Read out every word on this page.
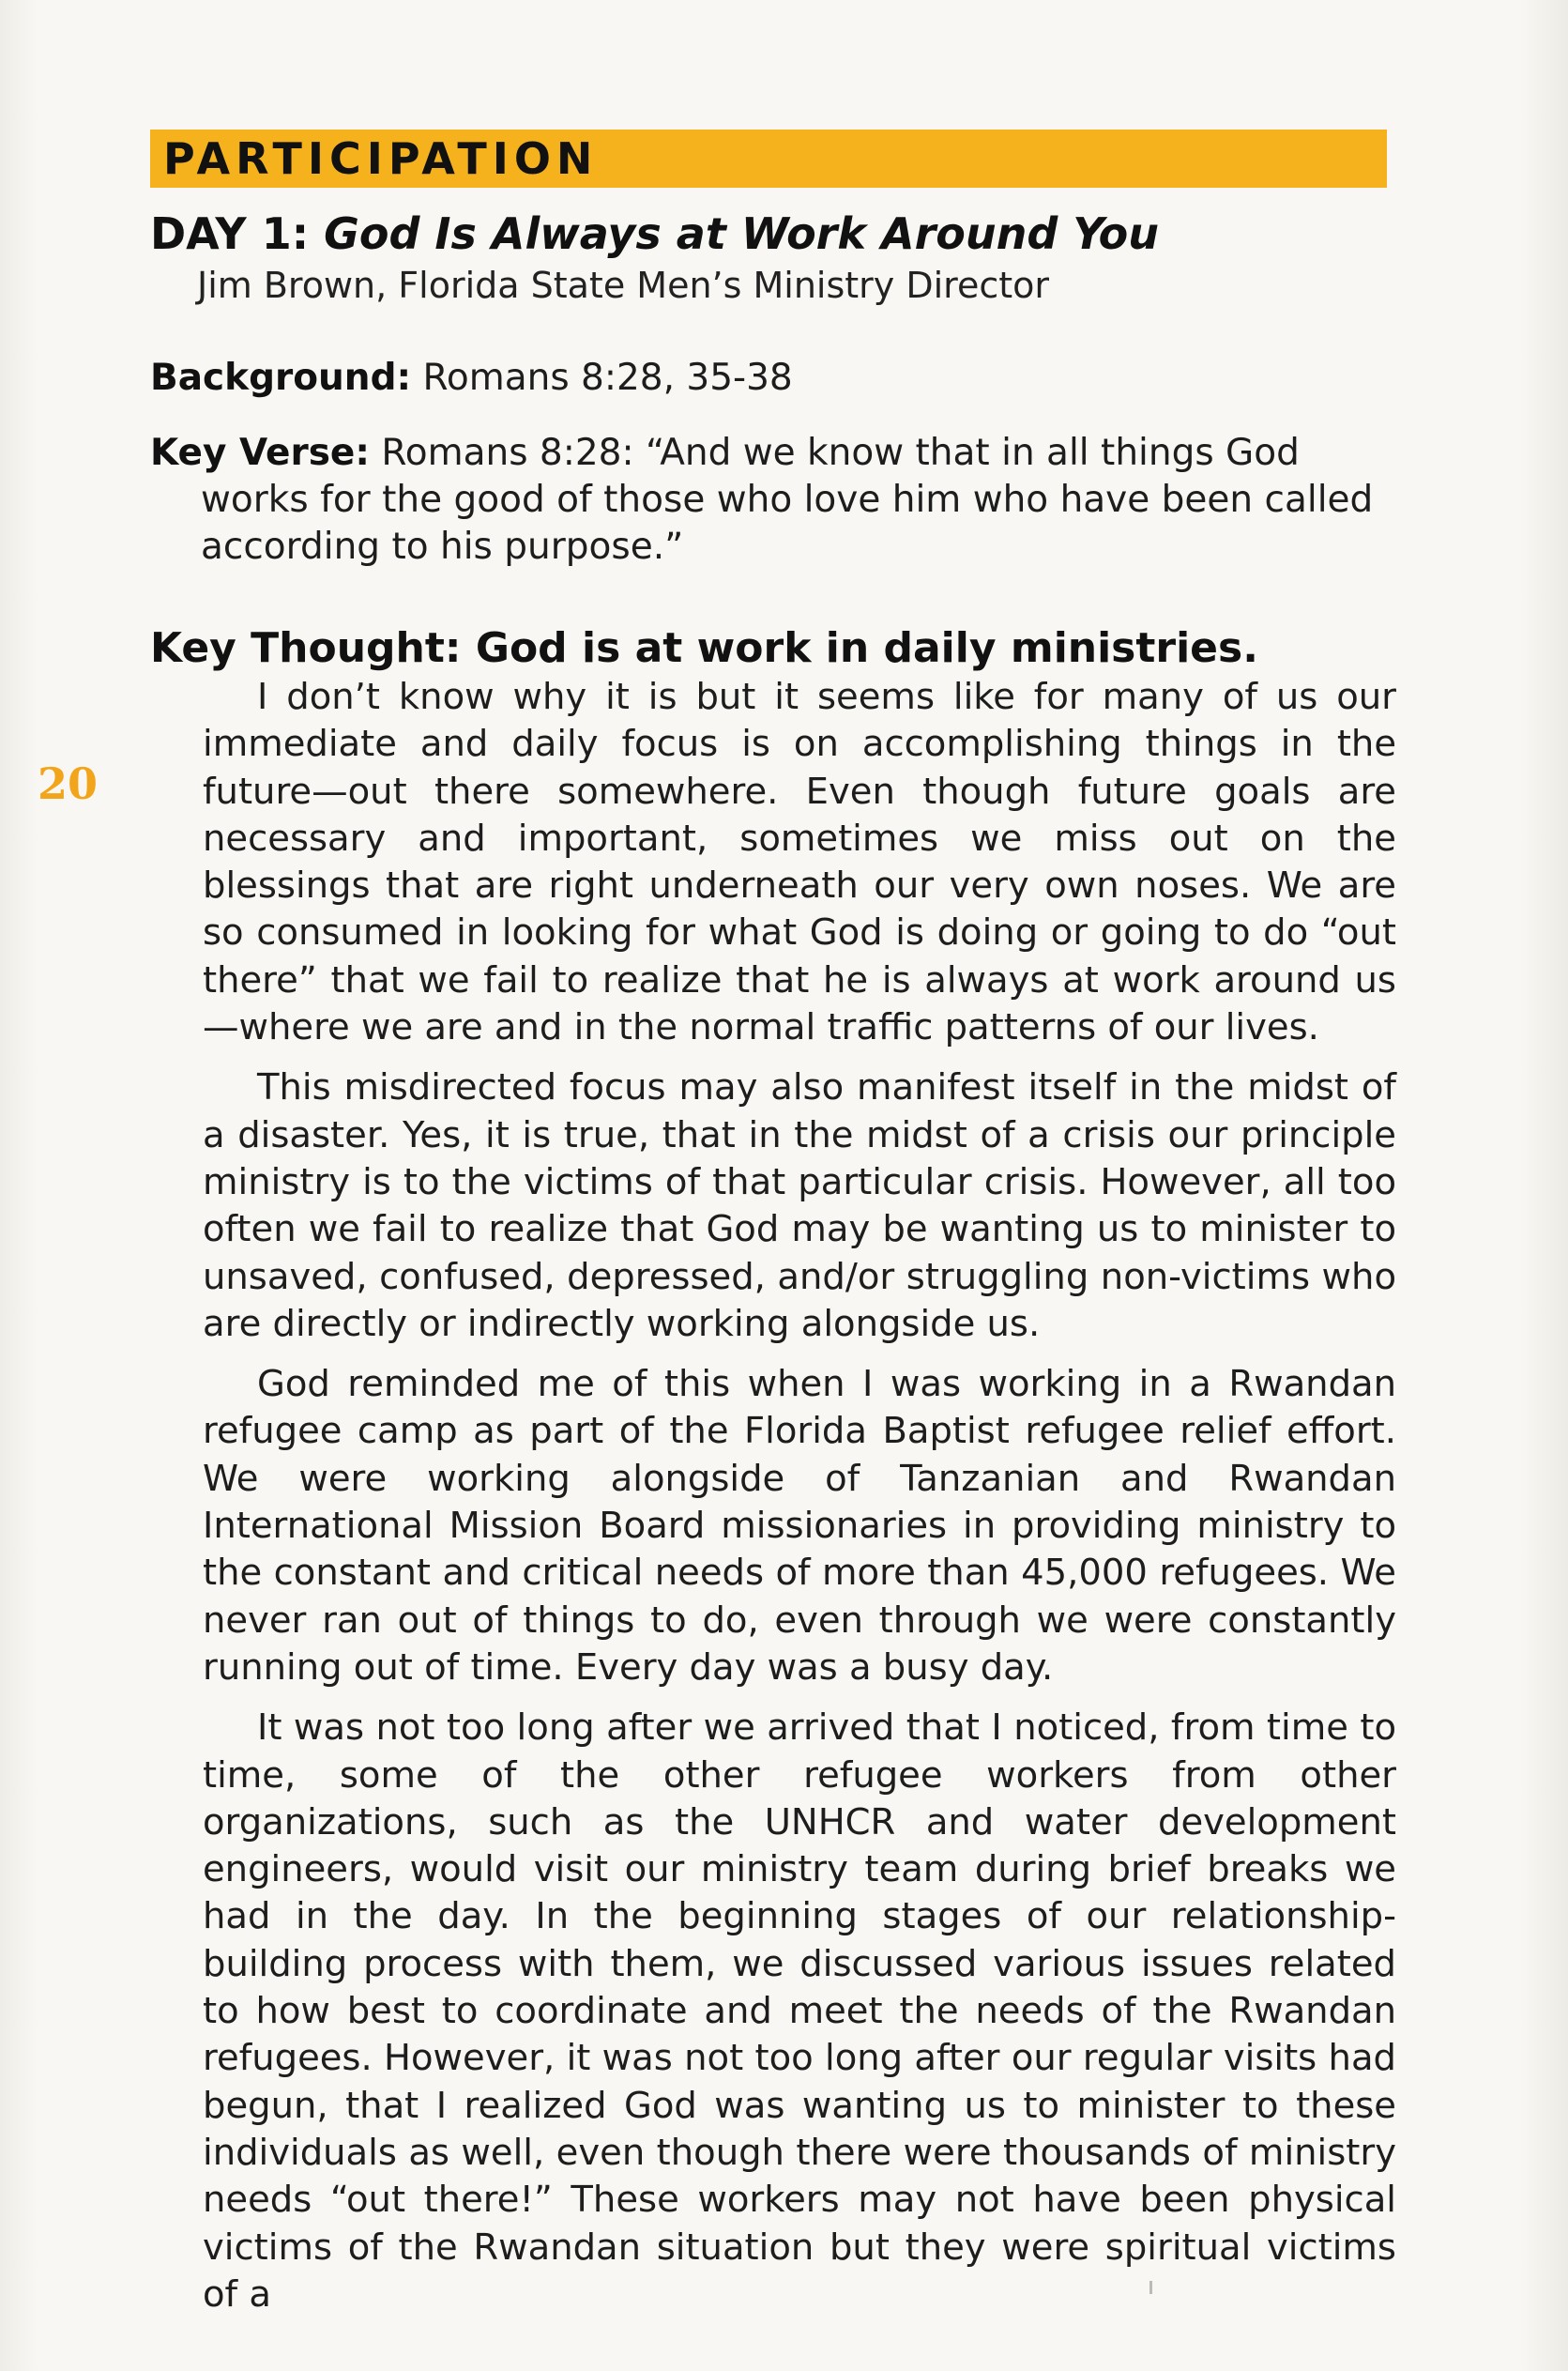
PARTICIPATION
DAY 1: God Is Always at Work Around You
Jim Brown, Florida State Men’s Ministry Director
Background: Romans 8:28, 35-38
Key Verse: Romans 8:28: “And we know that in all things God
works for the good of those who love him who have been called according to his purpose.”
Key Thought: God is at work in daily ministries.
20

I don’t know why it is but it seems like for many of us our immediate and daily focus is on accomplishing things in the future—out there somewhere. Even though future goals are necessary and important, sometimes we miss out on the blessings that are right underneath our very own noses. We are so consumed in looking for what God is doing or going to do “out there” that we fail to realize that he is always at work around us—where we are and in the normal traffic patterns of our lives.

This misdirected focus may also manifest itself in the midst of a disaster. Yes, it is true, that in the midst of a crisis our principle ministry is to the victims of that particular crisis. However, all too often we fail to realize that God may be wanting us to minister to unsaved, confused, depressed, and/or struggling non-victims who are directly or indirectly working alongside us.

God reminded me of this when I was working in a Rwandan refugee camp as part of the Florida Baptist refugee relief effort. We were working alongside of Tanzanian and Rwandan International Mission Board missionaries in providing ministry to the constant and critical needs of more than 45,000 refugees. We never ran out of things to do, even through we were constantly running out of time. Every day was a busy day.

It was not too long after we arrived that I noticed, from time to time, some of the other refugee workers from other organizations, such as the UNHCR and water development engineers, would visit our ministry team during brief breaks we had in the day. In the beginning stages of our relationship-building process with them, we discussed various issues related to how best to coordinate and meet the needs of the Rwandan refugees. However, it was not too long after our regular visits had begun, that I realized God was wanting us to minister to these individuals as well, even though there were thousands of ministry needs “out there!” These workers may not have been physical victims of the Rwandan situation but they were spiritual victims of a
